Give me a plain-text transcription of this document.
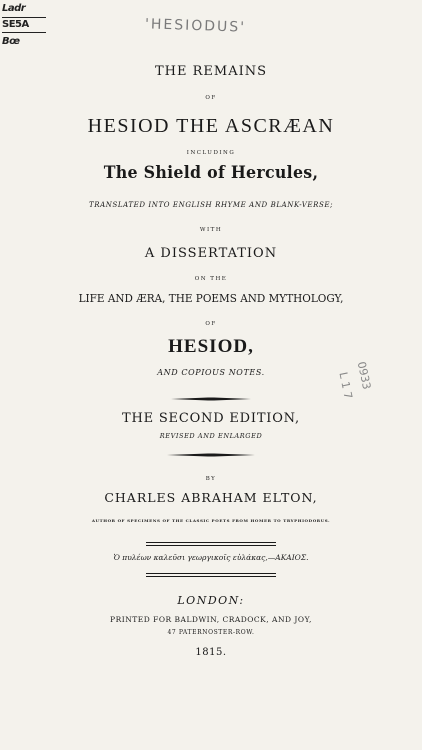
Ladr
SE5A
Bœ
'HESIODUS'
0933
L 1 7
THE REMAINS
OF
HESIOD THE ASCRÆAN
INCLUDING
The Shield of Hercules,
TRANSLATED INTO ENGLISH RHYME AND BLANK-VERSE;
WITH
A DISSERTATION
ON THE
LIFE AND ÆRA, THE POEMS AND MYTHOLOGY,
OF
HESIOD,
AND COPIOUS NOTES.
THE SECOND EDITION,
REVISED AND ENLARGED
BY
CHARLES ABRAHAM ELTON,
AUTHOR OF SPECIMENS OF THE CLASSIC POETS FROM HOMER TO TRYPHIODORUS.
Ὁ πυλέων καλεῦσι γεωργικοῖς εὐλάκας,—ΑΚΑΙΟΣ.
LONDON:
PRINTED FOR BALDWIN, CRADOCK, AND JOY,
47 PATERNOSTER-ROW.
1815.
